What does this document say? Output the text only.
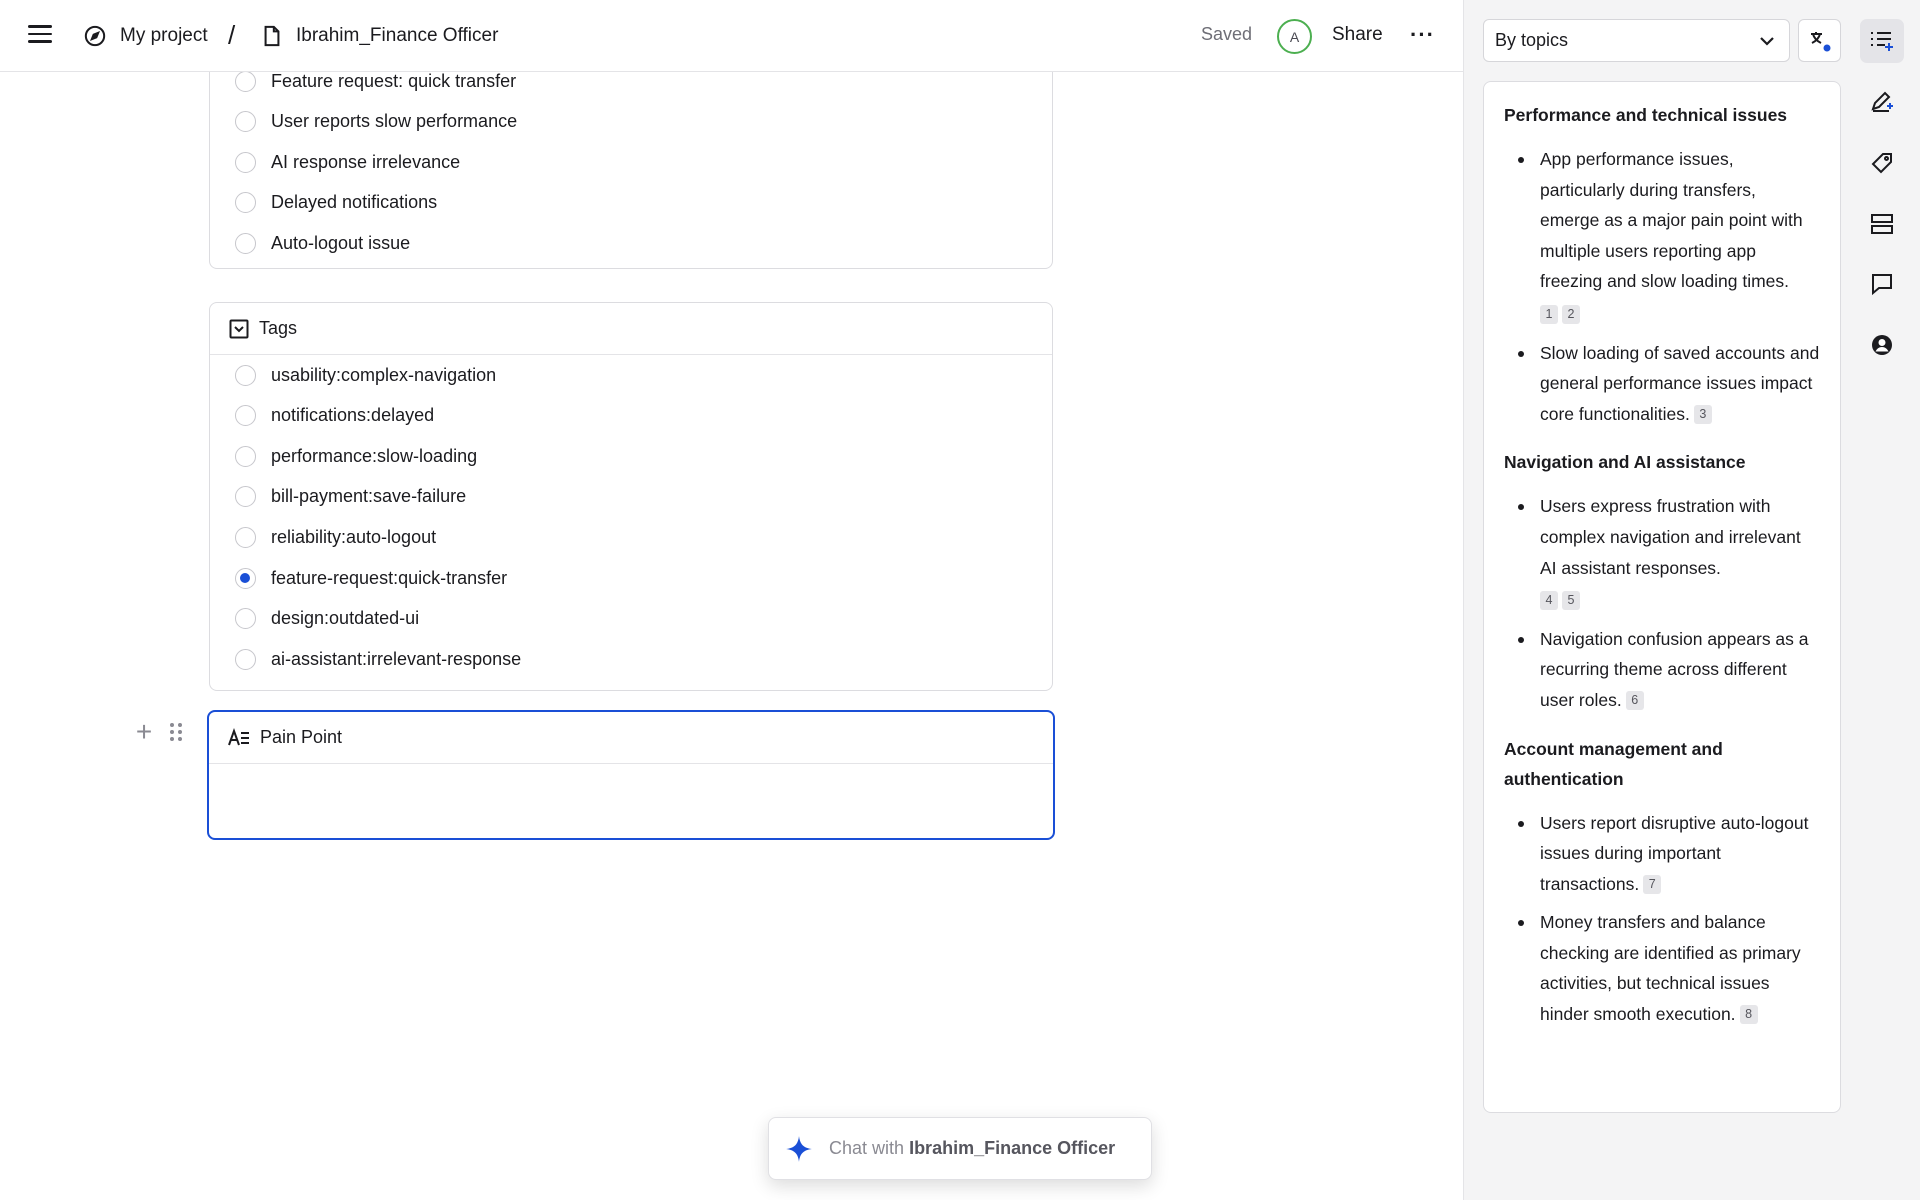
My project /	Ibrahim_Finance Officer	Saved	A	Share ···
Feature request: quick transfer
User reports slow performance
AI response irrelevance
Delayed notifications
Auto-logout issue
Tags
usability:complex-navigation
notifications:delayed
performance:slow-loading
bill-payment:save-failure
reliability:auto-logout
feature-request:quick-transfer
design:outdated-ui
ai-assistant:irrelevant-response
+	Pain Point
Chat with
Ibrahim_Finance Officer
By topics
Performance and technical issues
App performance issues, particularly during transfers, emerge as a major pain point with multiple users reporting app freezing and slow loading times.
1 2
Slow loading of saved accounts and general performance issues impact core functionalities. 3
Navigation and AI assistance
Users express frustration with complex navigation and irrelevant AI assistant responses.
4 5
Navigation confusion appears as a recurring theme across different user roles. 6
Account management and authentication
Users report disruptive auto-logout issues during important transactions. 7
Money transfers and balance checking are identified as primary activities, but technical issues hinder smooth execution. 8
